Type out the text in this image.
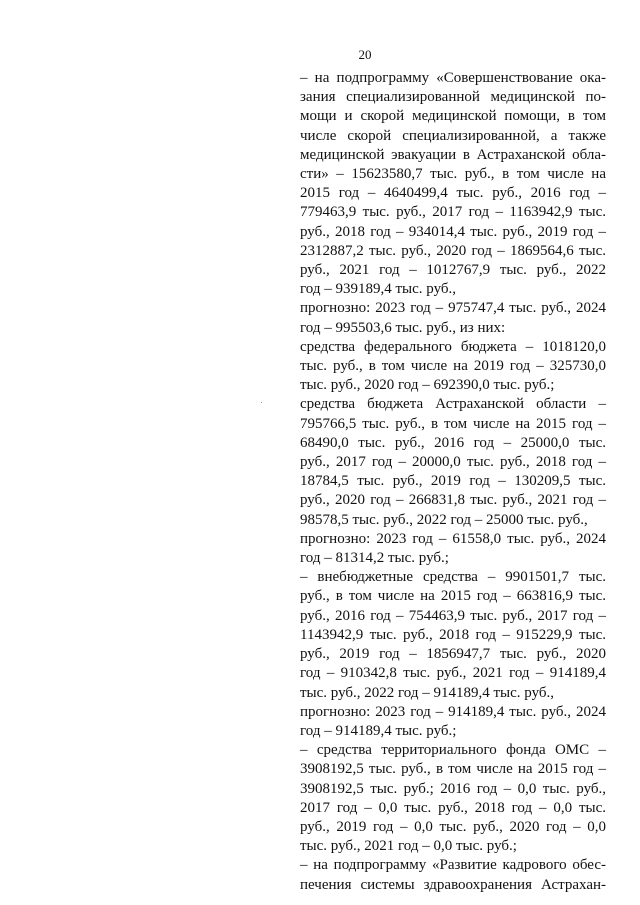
20
– на подпрограмму «Совершенствование ока-
зания специализированной медицинской по-
мощи и скорой медицинской помощи, в том
числе скорой специализированной, а также
медицинской эвакуации в Астраханской обла-
сти» – 15623580,7 тыс. руб., в том числе на
2015 год – 4640499,4 тыс. руб., 2016 год –
779463,9 тыс. руб., 2017 год – 1163942,9 тыс.
руб., 2018 год – 934014,4 тыс. руб., 2019 год –
2312887,2 тыс. руб., 2020 год – 1869564,6 тыс.
руб., 2021 год – 1012767,9 тыс. руб., 2022
год – 939189,4 тыс. руб.,
прогнозно: 2023 год – 975747,4 тыс. руб., 2024
год – 995503,6 тыс. руб., из них:
средства федерального бюджета – 1018120,0
тыс. руб., в том числе на 2019 год – 325730,0
тыс. руб., 2020 год – 692390,0 тыс. руб.;
средства бюджета Астраханской области –
795766,5 тыс. руб., в том числе на 2015 год –
68490,0 тыс. руб., 2016 год – 25000,0 тыс.
руб., 2017 год – 20000,0 тыс. руб., 2018 год –
18784,5 тыс. руб., 2019 год – 130209,5 тыс.
руб., 2020 год – 266831,8 тыс. руб., 2021 год –
98578,5 тыс. руб., 2022 год – 25000 тыс. руб.,
прогнозно: 2023 год – 61558,0 тыс. руб., 2024
год – 81314,2 тыс. руб.;
– внебюджетные средства – 9901501,7 тыс.
руб., в том числе на 2015 год – 663816,9 тыс.
руб., 2016 год – 754463,9 тыс. руб., 2017 год –
1143942,9 тыс. руб., 2018 год – 915229,9 тыс.
руб., 2019 год – 1856947,7 тыс. руб., 2020
год – 910342,8 тыс. руб., 2021 год – 914189,4
тыс. руб., 2022 год – 914189,4 тыс. руб.,
прогнозно: 2023 год – 914189,4 тыс. руб., 2024
год – 914189,4 тыс. руб.;
– средства территориального фонда ОМС –
3908192,5 тыс. руб., в том числе на 2015 год –
3908192,5 тыс. руб.; 2016 год – 0,0 тыс. руб.,
2017 год – 0,0 тыс. руб., 2018 год – 0,0 тыс.
руб., 2019 год – 0,0 тыс. руб., 2020 год – 0,0
тыс. руб., 2021 год – 0,0 тыс. руб.;
– на подпрограмму «Развитие кадрового обес-
печения системы здравоохранения Астрахан-
